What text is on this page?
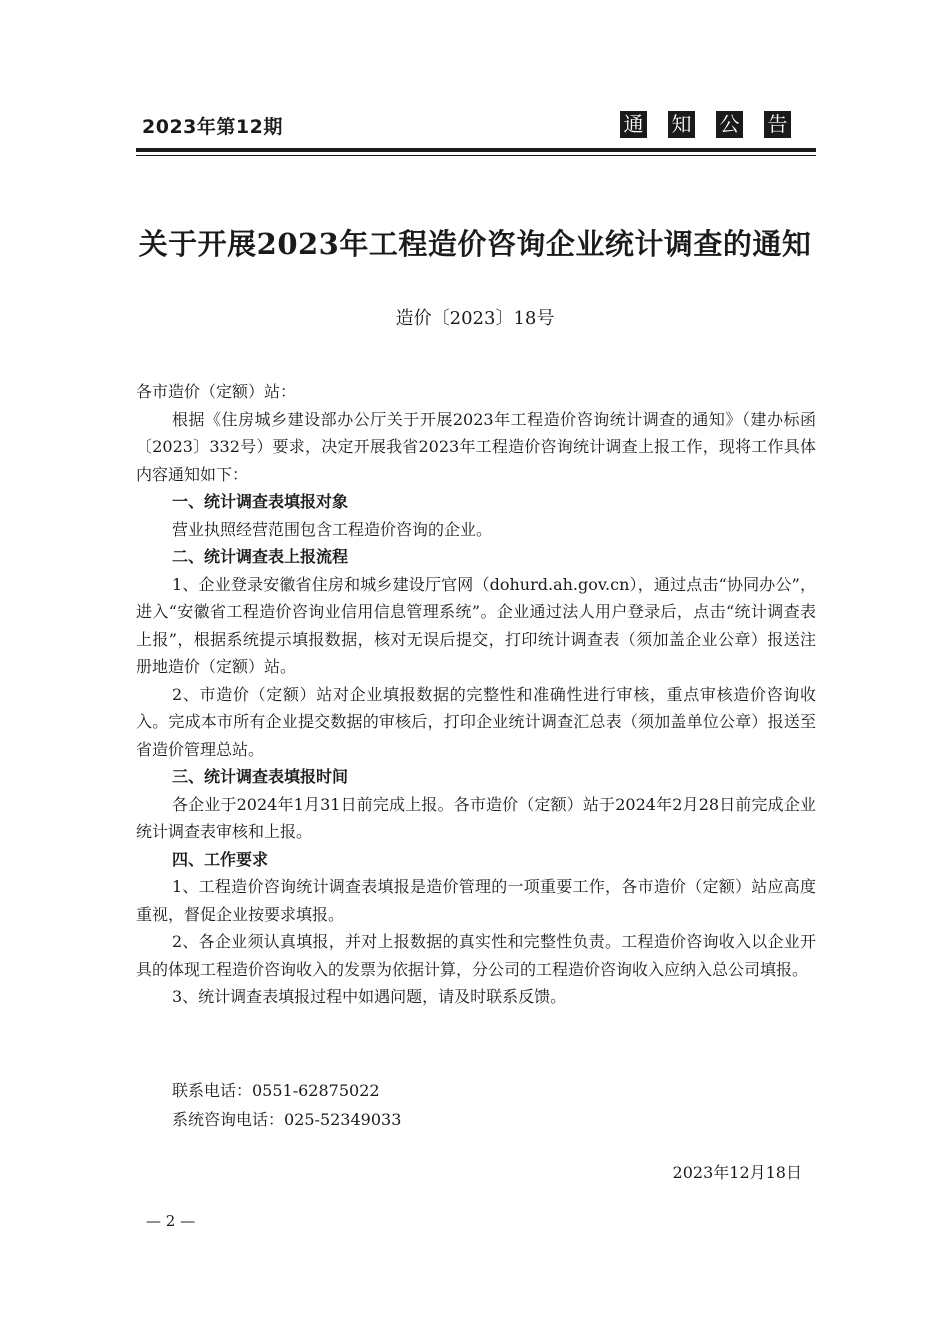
2023年第12期	通 知 公 告
关于开展2023年工程造价咨询企业统计调查的通知
造价〔2023〕18号

各市造价（定额）站：

根据《住房城乡建设部办公厅关于开展2023年工程造价咨询统计调查的通知》（建办标函〔2023〕332号）要求，决定开展我省2023年工程造价咨询统计调查上报工作，现将工作具体内容通知如下：

一、统计调查表填报对象

营业执照经营范围包含工程造价咨询的企业。

二、统计调查表上报流程

1、企业登录安徽省住房和城乡建设厅官网（dohurd.ah.gov.cn），通过点击“协同办公”，进入“安徽省工程造价咨询业信用信息管理系统”。企业通过法人用户登录后，点击“统计调查表上报”，根据系统提示填报数据，核对无误后提交，打印统计调查表（须加盖企业公章）报送注册地造价（定额）站。

2、市造价（定额）站对企业填报数据的完整性和准确性进行审核，重点审核造价咨询收入。完成本市所有企业提交数据的审核后，打印企业统计调查汇总表（须加盖单位公章）报送至省造价管理总站。

三、统计调查表填报时间

各企业于2024年1月31日前完成上报。各市造价（定额）站于2024年2月28日前完成企业统计调查表审核和上报。

四、工作要求

1、工程造价咨询统计调查表填报是造价管理的一项重要工作，各市造价（定额）站应高度重视，督促企业按要求填报。

2、各企业须认真填报，并对上报数据的真实性和完整性负责。工程造价咨询收入以企业开具的体现工程造价咨询收入的发票为依据计算，分公司的工程造价咨询收入应纳入总公司填报。

3、统计调查表填报过程中如遇问题，请及时联系反馈。

联系电话：0551-62875022
系统咨询电话：025-52349033
2023年12月18日
— 2 —
